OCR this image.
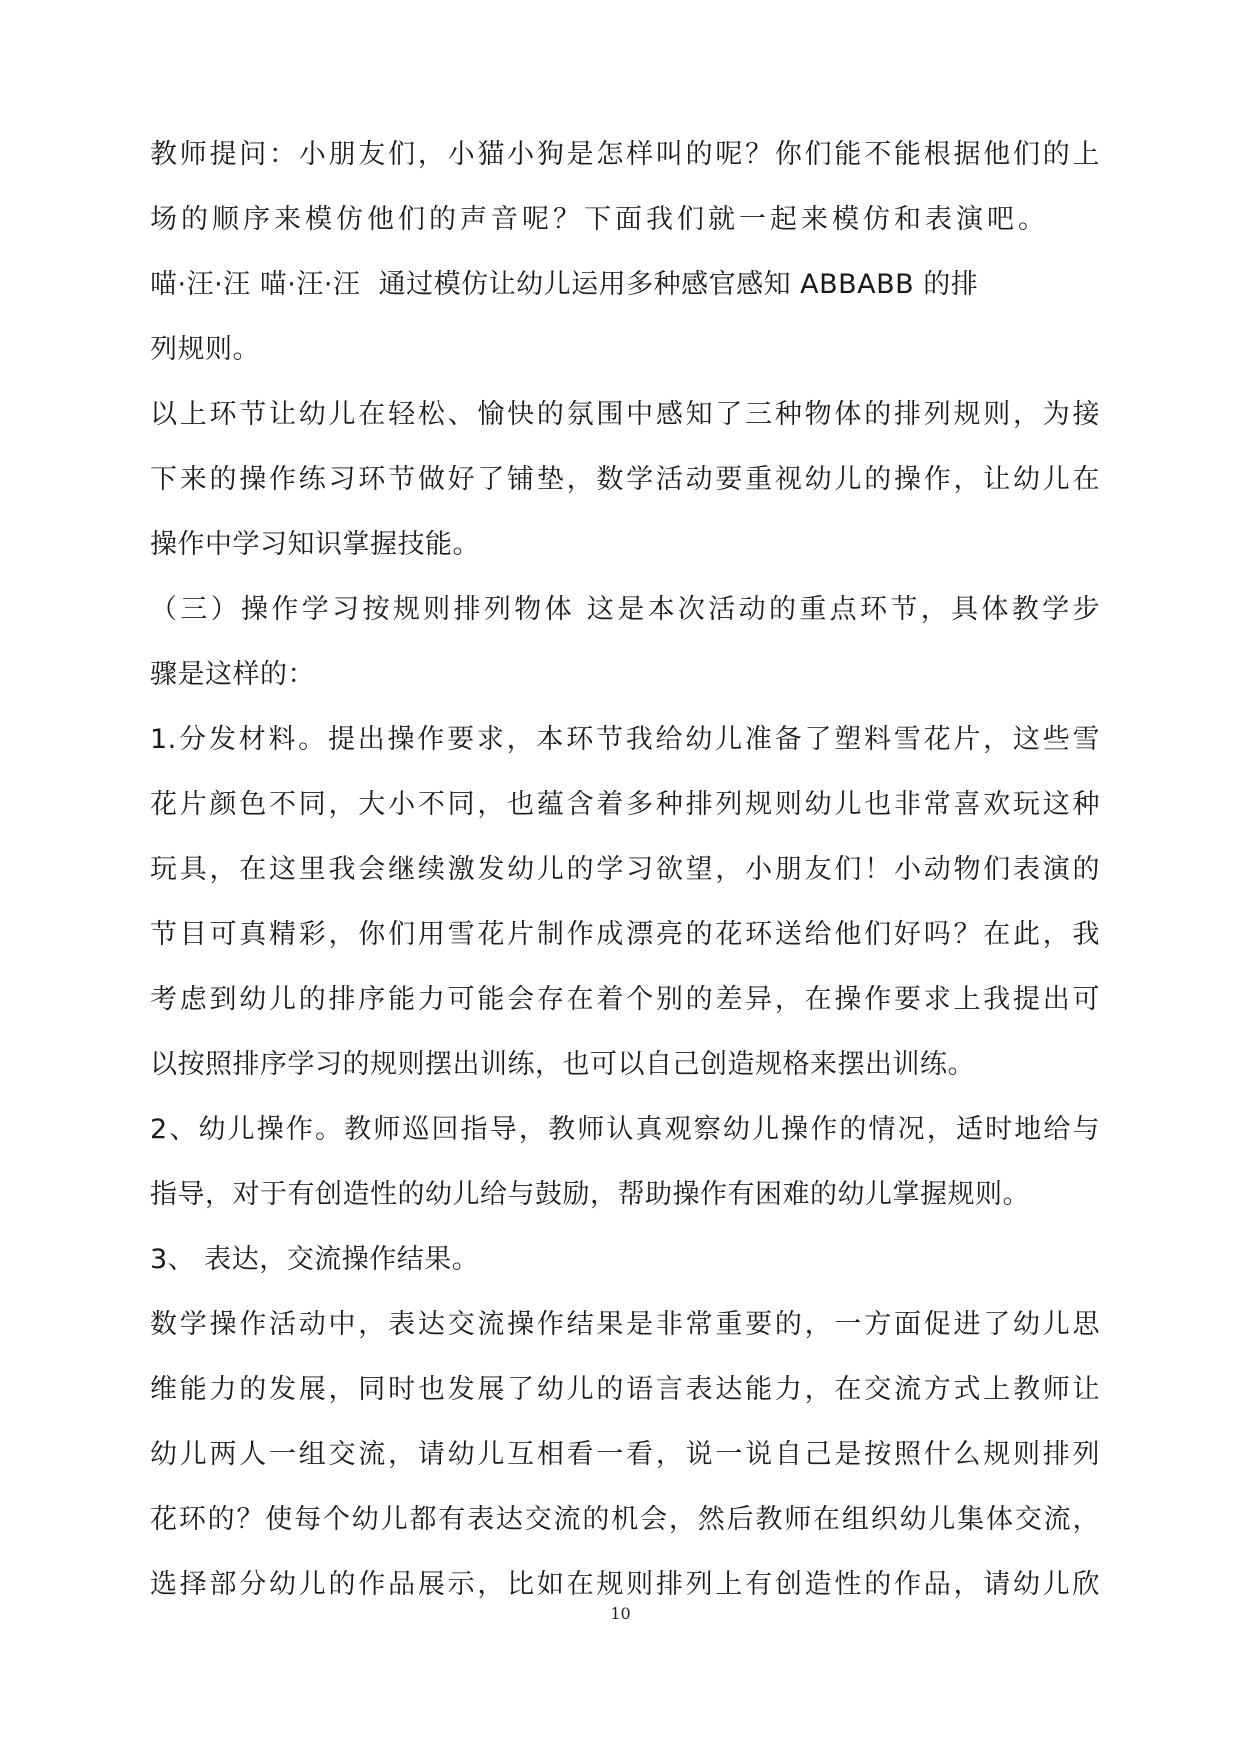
教师提问：小朋友们，小猫小狗是怎样叫的呢？你们能不能根据他们的上
场的顺序来模仿他们的声音呢？下面我们就一起来模仿和表演吧。
喵·汪·汪 喵·汪·汪  通过模仿让幼儿运用多种感官感知 ABBABB 的排
列规则。
以上环节让幼儿在轻松、愉快的氛围中感知了三种物体的排列规则，为接
下来的操作练习环节做好了铺垫，数学活动要重视幼儿的操作，让幼儿在
操作中学习知识掌握技能。
（三）操作学习按规则排列物体 这是本次活动的重点环节，具体教学步
骤是这样的：
1.分发材料。提出操作要求，本环节我给幼儿准备了塑料雪花片，这些雪
花片颜色不同，大小不同，也蕴含着多种排列规则幼儿也非常喜欢玩这种
玩具，在这里我会继续激发幼儿的学习欲望，小朋友们！小动物们表演的
节目可真精彩，你们用雪花片制作成漂亮的花环送给他们好吗？在此，我
考虑到幼儿的排序能力可能会存在着个别的差异，在操作要求上我提出可
以按照排序学习的规则摆出训练，也可以自己创造规格来摆出训练。
2、幼儿操作。教师巡回指导，教师认真观察幼儿操作的情况，适时地给与
指导，对于有创造性的幼儿给与鼓励，帮助操作有困难的幼儿掌握规则。
3、 表达，交流操作结果。
数学操作活动中，表达交流操作结果是非常重要的，一方面促进了幼儿思
维能力的发展，同时也发展了幼儿的语言表达能力，在交流方式上教师让
幼儿两人一组交流，请幼儿互相看一看，说一说自己是按照什么规则排列
花环的？使每个幼儿都有表达交流的机会，然后教师在组织幼儿集体交流，
选择部分幼儿的作品展示，比如在规则排列上有创造性的作品，请幼儿欣
10
